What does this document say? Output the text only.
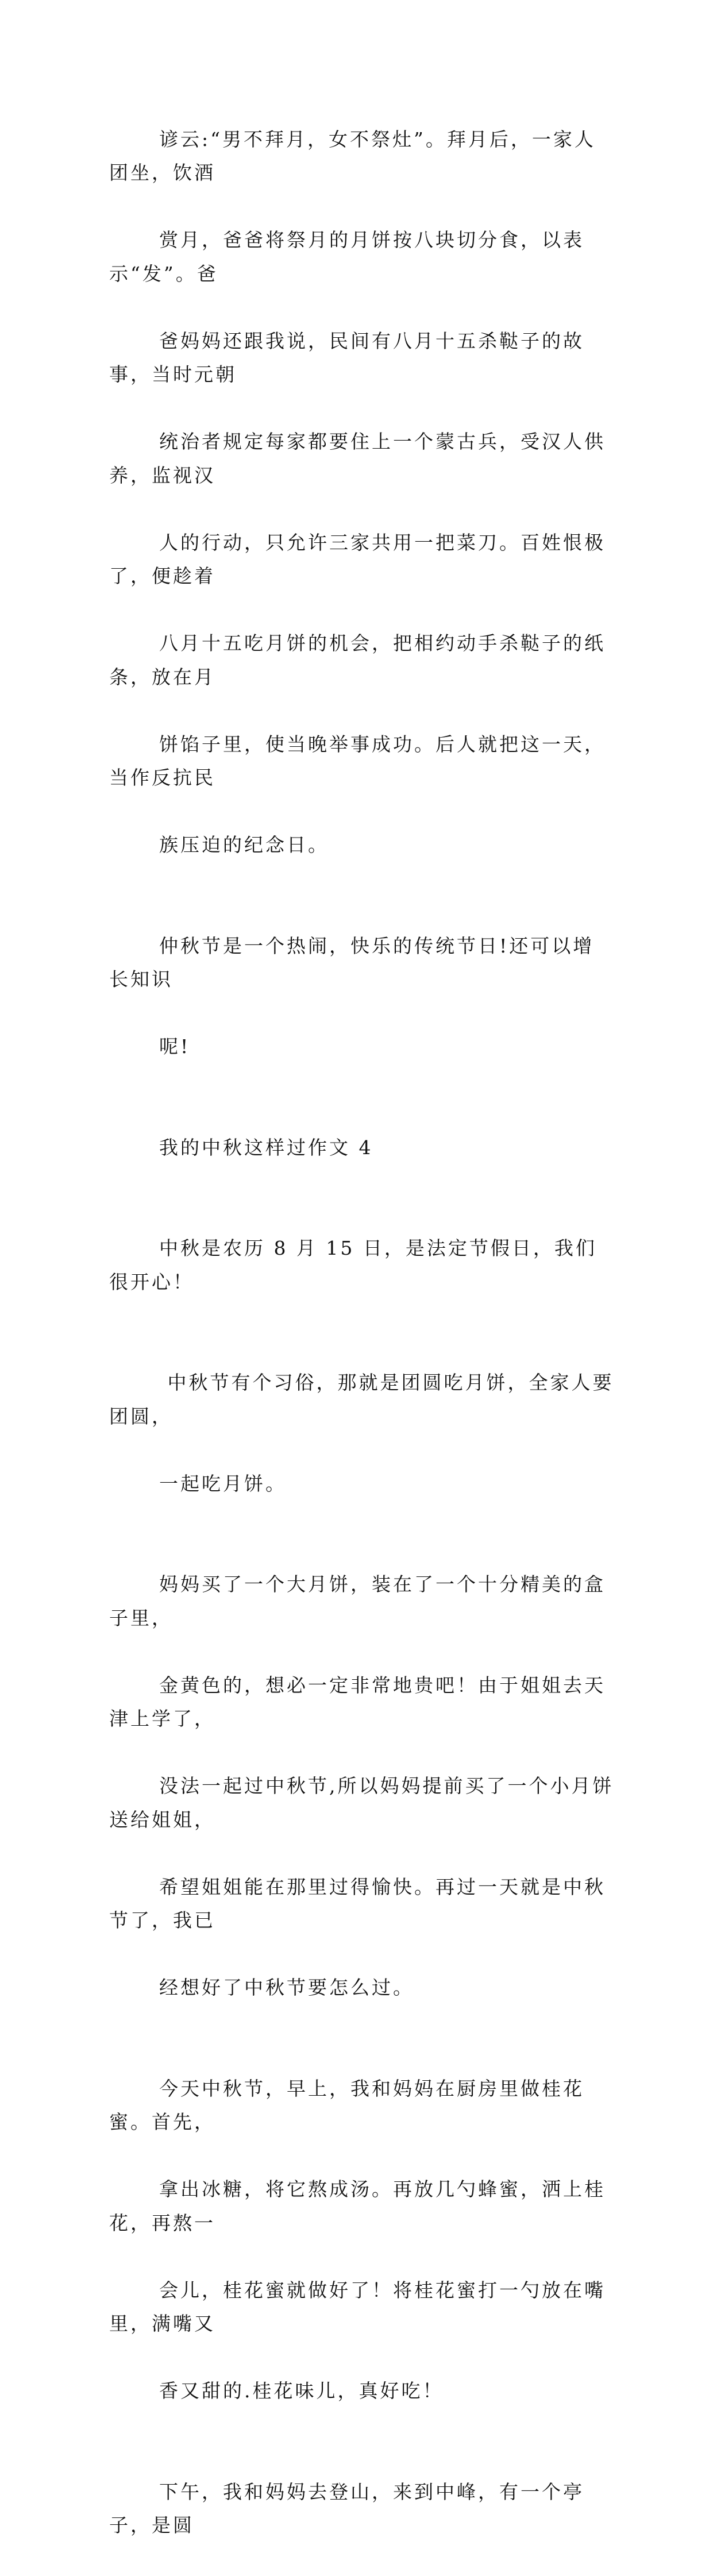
谚云:“男不拜月，女不祭灶”。拜月后，一家人团坐，饮酒

赏月，爸爸将祭月的月饼按八块切分食，以表示“发”。爸

爸妈妈还跟我说，民间有八月十五杀鞑子的故事，当时元朝

统治者规定每家都要住上一个蒙古兵，受汉人供养，监视汉

人的行动，只允许三家共用一把菜刀。百姓恨极了，便趁着

八月十五吃月饼的机会，把相约动手杀鞑子的纸条，放在月

饼馅子里，使当晚举事成功。后人就把这一天，当作反抗民

族压迫的纪念日。

仲秋节是一个热闹，快乐的传统节日!还可以增长知识

呢!

我的中秋这样过作文 4

中秋是农历 8 月 15 日，是法定节假日，我们很开心！

中秋节有个习俗，那就是团圆吃月饼，全家人要团圆，

一起吃月饼。

妈妈买了一个大月饼，装在了一个十分精美的盒子里，

金黄色的，想必一定非常地贵吧！由于姐姐去天津上学了，

没法一起过中秋节,所以妈妈提前买了一个小月饼送给姐姐，

希望姐姐能在那里过得愉快。再过一天就是中秋节了，我已

经想好了中秋节要怎么过。

今天中秋节，早上，我和妈妈在厨房里做桂花蜜。首先，

拿出冰糖，将它熬成汤。再放几勺蜂蜜，洒上桂花，再熬一

会儿，桂花蜜就做好了！将桂花蜜打一勺放在嘴里，满嘴又

香又甜的.桂花味儿，真好吃！

下午，我和妈妈去登山，来到中峰，有一个亭子，是圆
